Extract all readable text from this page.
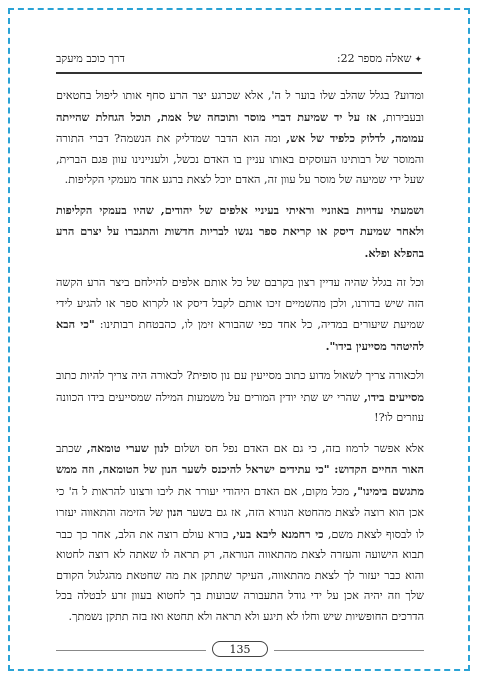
✦שאלה מספר 22:
דרך כוכב מיעקב

ומדוע? בגלל שהלב שלו בוער ל ה', אלא שכרגע יצר הרע סחף אותו ליפול בחטאים ובעבירות, אז על יד שמיעת דברי מוסר ותוכחה של אמת, תוכל הגחלת שהייתה עמומה, לדלוק כלפיד של אש, ומה הוא הדבר שמדליק את הנשמה? דברי התורה והמוסר של רבותינו העוסקים באותו עניין בו האדם נכשל, ולעניינינו עוון פגם הברית, שעל ידי שמיעה של מוסר על עוון זה, האדם יוכל לצאת ברגע אחד מעמקי הקליפות.

ושמעתי עדויות באוזניי וראיתי בעיניי אלפים של יהודים, שהיו בעמקי הקליפות ולאחר שמיעת דיסק או קריאת ספר נגשו לבריות חדשות והתגברו על יצרם הרע בהפלא ופלא.

וכל זה בגלל שהיה עדיין רצון בקרבם של כל אותם אלפים להילחם ביצר הרע הקשה הזה שיש בדורנו, ולכן מהשמיים זיכו אותם לקבל דיסק או לקרוא ספר או להגיע לידי שמיעת שיעורים במדיה, כל אחד כפי שהבורא זימן לו, כהבטחת רבותינו: "כי הבא להיטהר מסייעין בידו".

ולכאורה צריך לשאול מדוע כתוב מסייעין עם נון סופית? לכאורה היה צריך להיות כתוב מסייעים בידו, שהרי יש שתי יודין המורים על משמעות המילה שמסייעים בידו הכוונה עוזרים לו?!

אלא אפשר לרמוז בזה, כי גם אם האדם נפל חס ושלום לנון שערי טומאה, שכתב האור החיים הקדוש: "כי עתידים ישראל להיכנס לשער הנון של הטומאה, וזה ממש מתגשם בימינו", מכל מקום, אם האדם היהודי יעורר את ליבו ורצונו להראות ל ה' כי אכן הוא רוצה לצאת מהחטא הנורא הזה, אז גם בשער הנון של הזימה והתאווה יעזרו לו לבסוף לצאת משם, כי רחמנא ליבא בעי, בורא עולם רוצה את הלב, אחר כך כבר תבוא הישועה והעזרה לצאת מהתאווה הנוראה, רק תראה לו שאתה לא רוצה לחטוא והוא כבר יעזור לך לצאת מהתאווה, העיקר שתתקן את מה שחטאת מהגלגול הקודם שלך וזה יהיה אכן על ידי גודל התעבורה שבועות בך לחטוא בעוון זרע לבטלה בכל הדרכים החופשיות שיש וחלו לא תיגע ולא תראה ולא תחטא ואז בזה תתקן נשמתך.

135
